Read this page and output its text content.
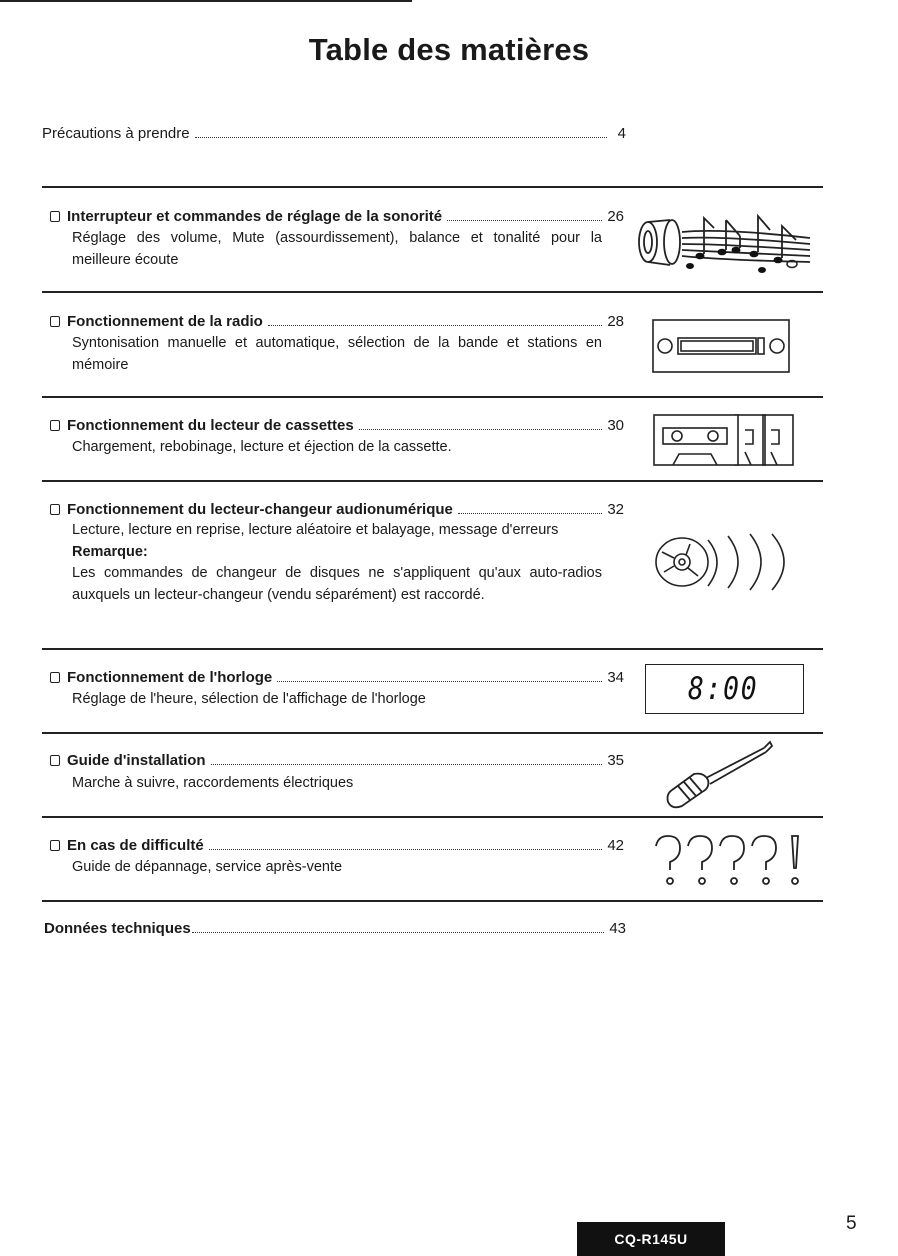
Table des matières
Précautions à prendre	4
Interrupteur et commandes de réglage de la sonorité	26

Réglage des volume, Mute (assourdissement), balance et tonalité pour la meilleure écoute

Fonctionnement de la radio	28

Syntonisation manuelle et automatique, sélection de la bande et stations en mémoire

Fonctionnement du lecteur de cassettes	30

Chargement, rebobinage, lecture et éjection de la cassette.

Fonctionnement du lecteur-changeur audionumérique	32

Lecture, lecture en reprise, lecture aléatoire et balayage, message d'erreurs

Remarque:

Les commandes de changeur de disques ne s'appliquent qu'aux auto-radios auxquels un lecteur-changeur (vendu séparément) est raccordé.

Fonctionnement de l'horloge	34

Réglage de l'heure, sélection de l'affichage de l'horloge	8:00
Guide d'installation	35

Marche à suivre, raccordements électriques

En cas de difficulté	42

Guide de dépannage, service après-vente

Données techniques	43
CQ-R145U
5
